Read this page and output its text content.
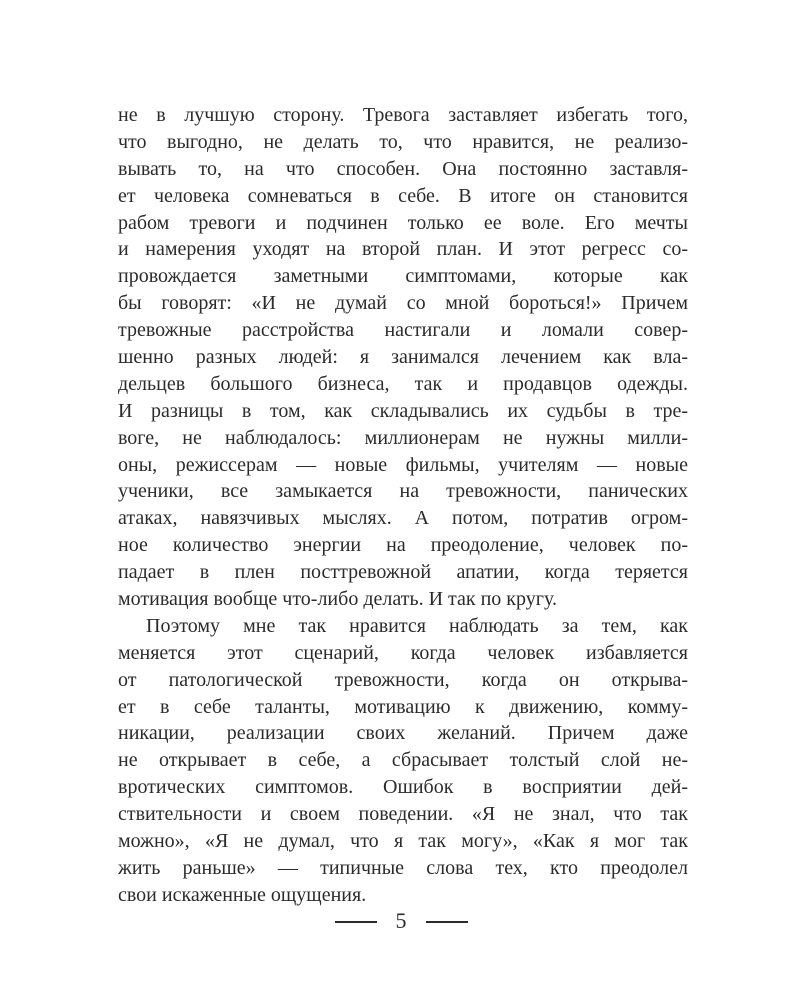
не в лучшую сторону. Тревога заставляет избегать того,
что выгодно, не делать то, что нравится, не реализо-
вывать то, на что способен. Она постоянно заставля-
ет человека сомневаться в себе. В итоге он становится
рабом тревоги и подчинен только ее воле. Его мечты
и намерения уходят на второй план. И этот регресс со-
провождается заметными симптомами, которые как
бы говорят: «И не думай со мной бороться!» Причем
тревожные расстройства настигали и ломали совер-
шенно разных людей: я занимался лечением как вла-
дельцев большого бизнеса, так и продавцов одежды.
И разницы в том, как складывались их судьбы в тре-
воге, не наблюдалось: миллионерам не нужны милли-
оны, режиссерам — новые фильмы, учителям — новые
ученики, все замыкается на тревожности, панических
атаках, навязчивых мыслях. А потом, потратив огром-
ное количество энергии на преодоление, человек по-
падает в плен посттревожной апатии, когда теряется
мотивация вообще что-либо делать. И так по кругу.
Поэтому мне так нравится наблюдать за тем, как
меняется этот сценарий, когда человек избавляется
от патологической тревожности, когда он открыва-
ет в себе таланты, мотивацию к движению, комму-
никации, реализации своих желаний. Причем даже
не открывает в себе, а сбрасывает толстый слой не-
вротических симптомов. Ошибок в восприятии дей-
ствительности и своем поведении. «Я не знал, что так
можно», «Я не думал, что я так могу», «Как я мог так
жить раньше» — типичные слова тех, кто преодолел
свои искаженные ощущения.
5
